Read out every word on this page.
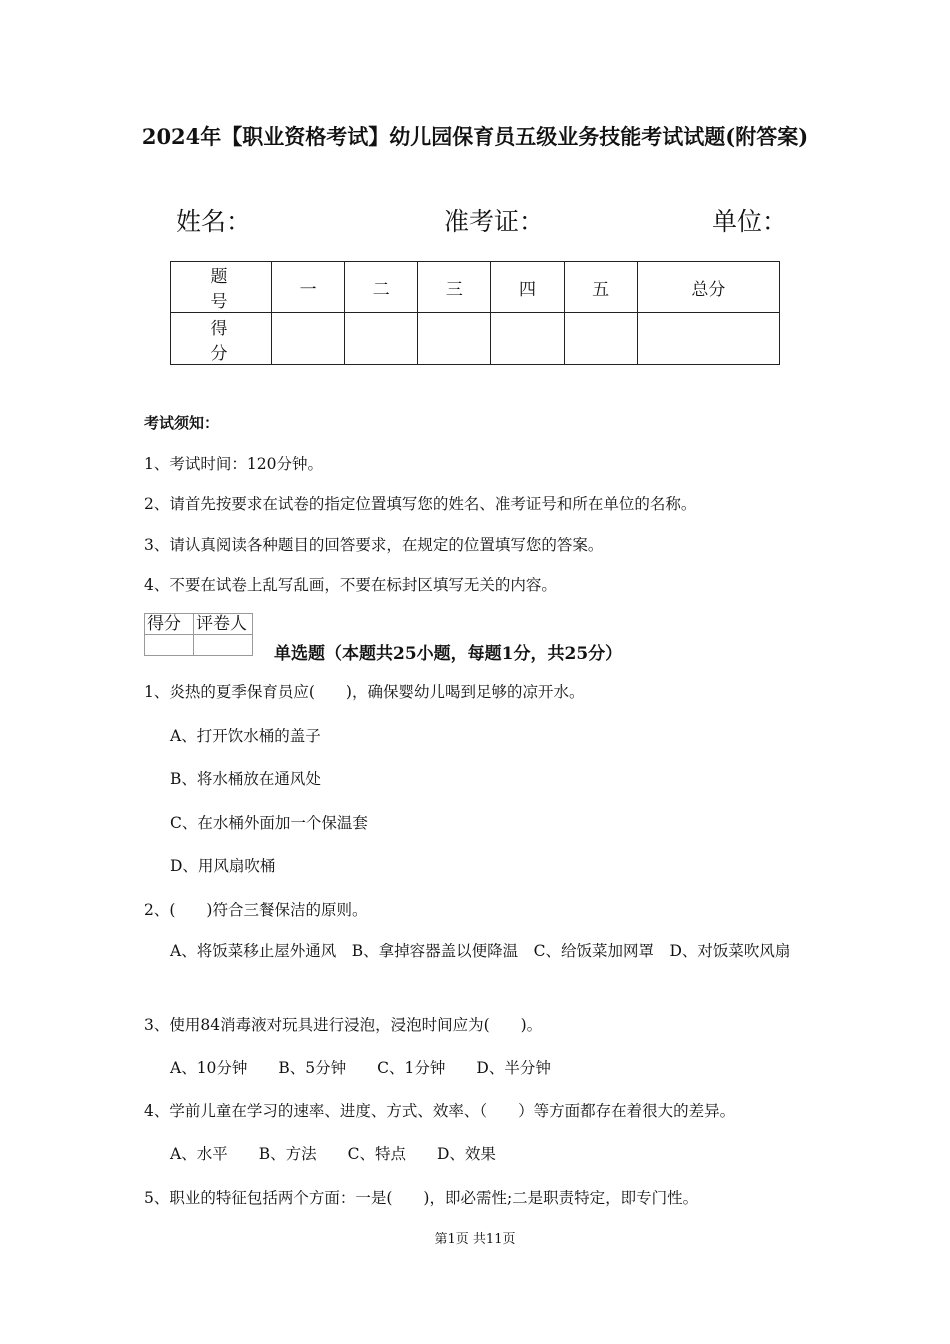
2024年【职业资格考试】幼儿园保育员五级业务技能考试试题(附答案)
姓名：	准考证：	单位：
题　号	一	二	三	四	五	总分
得　分						
考试须知：
1、考试时间：120分钟。
2、请首先按要求在试卷的指定位置填写您的姓名、准考证号和所在单位的名称。
3、请认真阅读各种题目的回答要求，在规定的位置填写您的答案。
4、不要在试卷上乱写乱画，不要在标封区填写无关的内容。
得分	评卷人

单选题（本题共25小题，每题1分，共25分）
1、炎热的夏季保育员应(　　)，确保婴幼儿喝到足够的凉开水。
A、打开饮水桶的盖子
B、将水桶放在通风处
C、在水桶外面加一个保温套
D、用风扇吹桶
2、(　　)符合三餐保洁的原则。
A、将饭菜移止屋外通风　B、拿掉容器盖以便降温　C、给饭菜加网罩　D、对饭菜吹风扇
3、使用84消毒液对玩具进行浸泡，浸泡时间应为(　　)。
A、10分钟　　B、5分钟　　C、1分钟　　D、半分钟
4、学前儿童在学习的速率、进度、方式、效率、（　　）等方面都存在着很大的差异。
A、水平　　B、方法　　C、特点　　D、效果
5、职业的特征包括两个方面：一是(　　)，即必需性;二是职责特定，即专门性。
第1页 共11页
